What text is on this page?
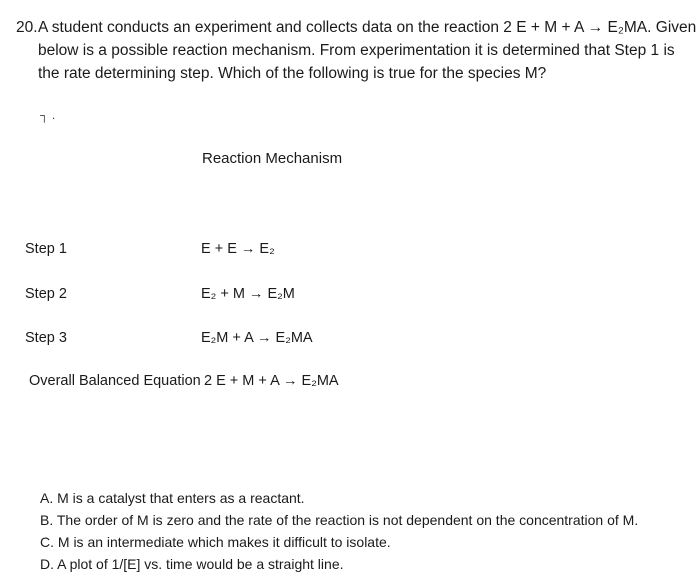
20.A student conducts an experiment and collects data on the reaction 2 E + M + A → E₂MA. Given
below is a possible reaction mechanism. From experimentation it is determined that Step 1 is
the rate determining step. Which of the following is true for the species M?
┐ .
Reaction Mechanism
Step 1	E + E → E₂
Step 2	E₂ + M → E₂M
Step 3	E₂M + A → E₂MA
Overall Balanced Equation 2 E + M + A → E₂MA
A. M is a catalyst that enters as a reactant.
B. The order of M is zero and the rate of the reaction is not dependent on the concentration of M.
C. M is an intermediate which makes it difficult to isolate.
D. A plot of 1/[E] vs. time would be a straight line.
